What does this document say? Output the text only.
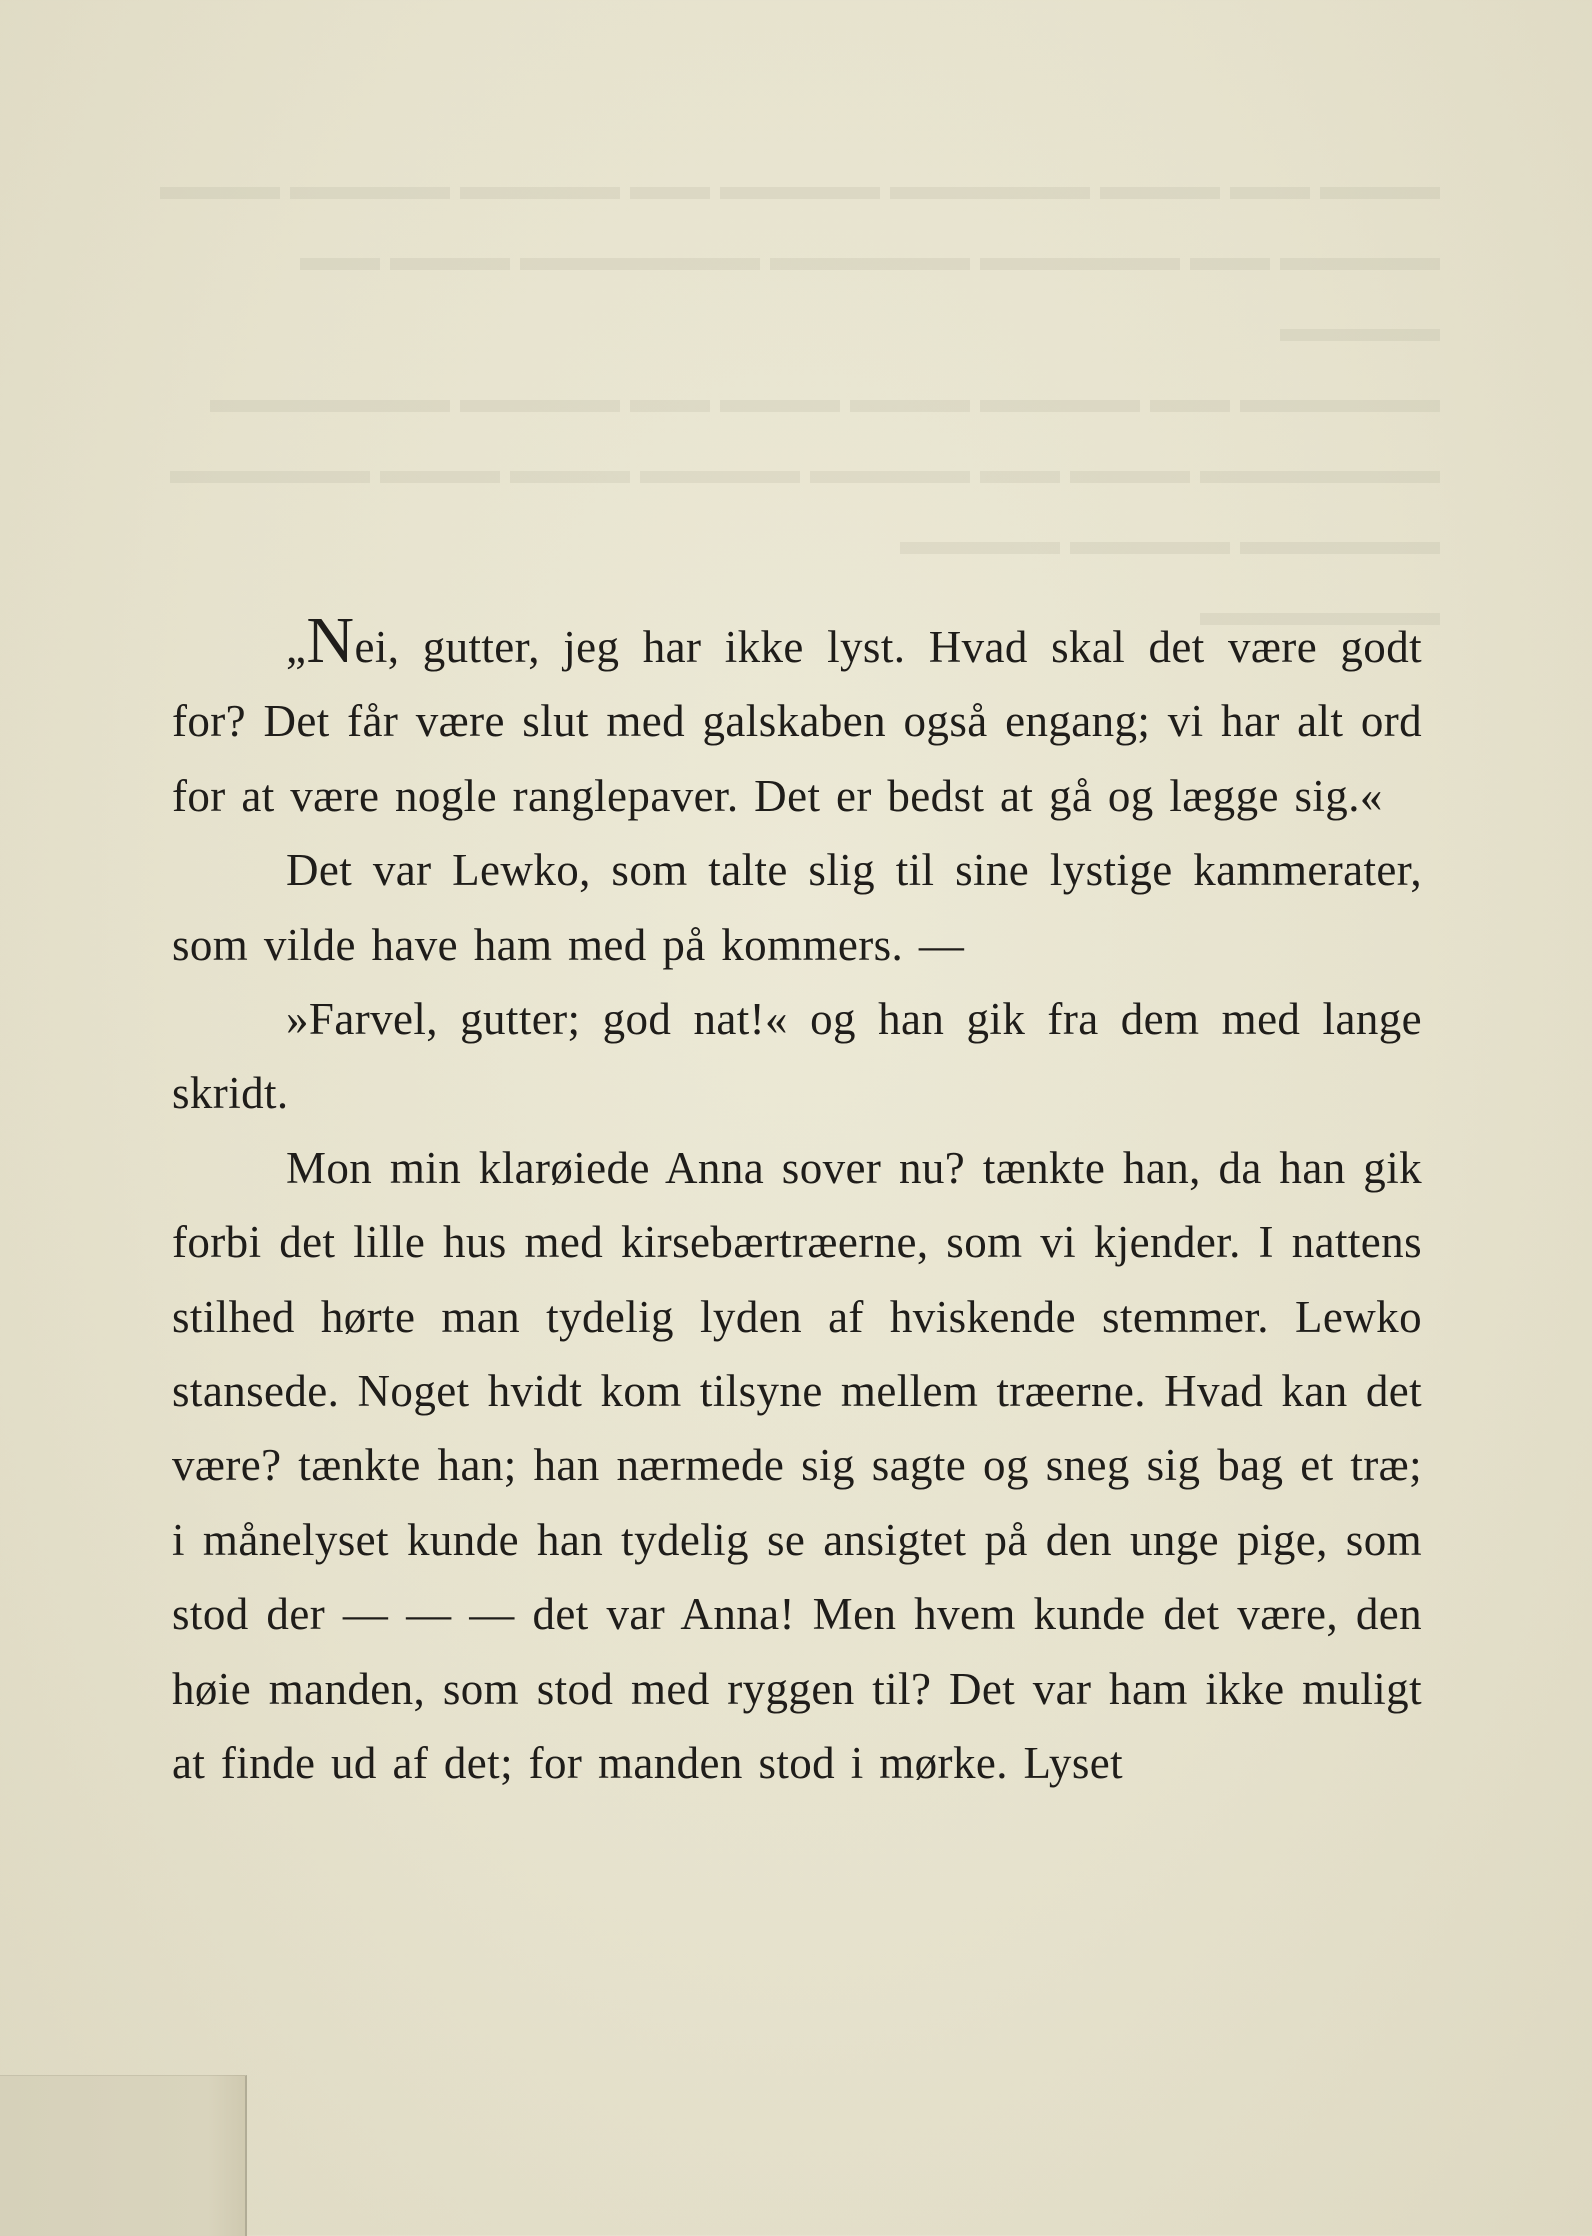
▬▬▬ ▬▬ ▬▬▬ ▬▬▬▬▬ ▬▬▬▬ ▬▬ ▬▬▬▬ ▬▬▬▬ ▬▬▬
▬▬▬▬ ▬▬ ▬▬▬▬▬ ▬▬▬▬▬ ▬▬▬▬▬▬ ▬▬▬ ▬▬ ▬▬▬▬
▬▬▬▬▬ ▬▬ ▬▬▬▬ ▬▬▬ ▬▬▬ ▬▬ ▬▬▬▬ ▬▬▬▬▬▬
▬▬▬▬▬▬ ▬▬▬ ▬▬ ▬▬▬▬ ▬▬▬▬ ▬▬▬ ▬▬▬ ▬▬▬▬▬
▬▬▬▬▬ ▬▬▬▬ ▬▬▬▬
▬▬▬▬▬▬

„Nei, gutter, jeg har ikke lyst. Hvad skal det være godt for? Det får være slut med galskaben også engang; vi har alt ord for at være nogle ranglepaver. Det er bedst at gå og lægge sig.«

Det var Lewko, som talte slig til sine lystige kammerater, som vilde have ham med på kommers. —

»Farvel, gutter; god nat!« og han gik fra dem med lange skridt.

Mon min klarøiede Anna sover nu? tænkte han, da han gik forbi det lille hus med kirsebærtræerne, som vi kjender. I nattens stilhed hørte man tydelig lyden af hviskende stemmer. Lewko stansede. Noget hvidt kom tilsyne mellem træerne. Hvad kan det være? tænkte han; han nærmede sig sagte og sneg sig bag et træ; i månelyset kunde han tydelig se ansigtet på den unge pige, som stod der — — — det var Anna! Men hvem kunde det være, den høie manden, som stod med ryggen til? Det var ham ikke muligt at finde ud af det; for manden stod i mørke. Lyset
